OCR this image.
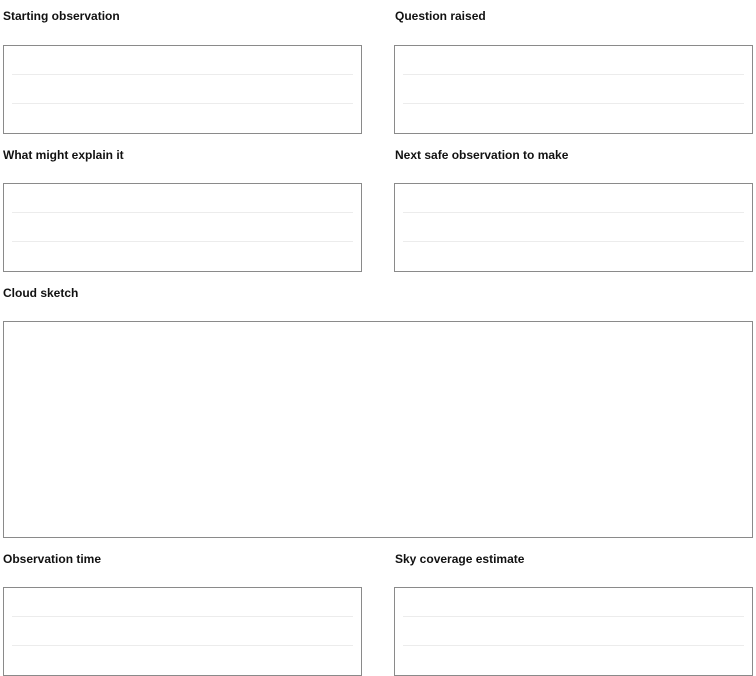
Starting observation	Question raised
What might explain it	Next safe observation to make
Cloud sketch
Observation time	Sky coverage estimate
